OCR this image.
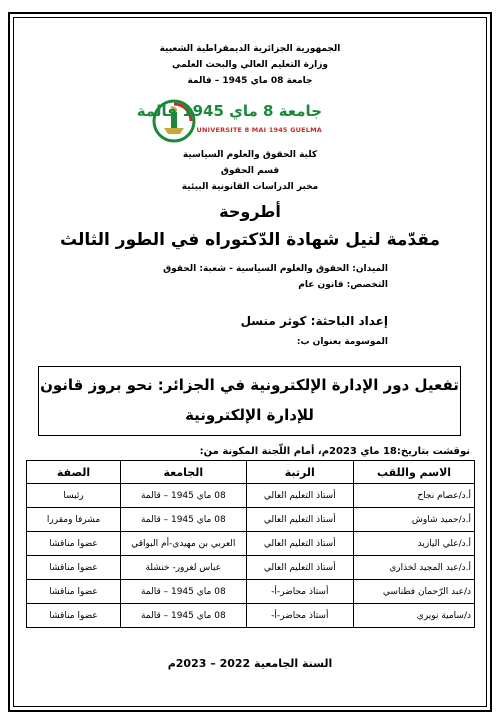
الجمهورية الجزائرية الديمقراطية الشعبية
وزارة التعليم العالي والبحث العلمي
جامعة 08 ماي 1945 – قالمة
جامعة 8 ماي 1945 قالمة
UNIVERSITE 8 MAI 1945 GUELMA
كلية الحقوق والعلوم السياسية
قسم الحقوق
مخبر الدراسات القانونية البيئية
أطروحة
مقدّمة لنيل شهادة الدّكتوراه في الطور الثالث
الميدان: الحقوق والعلوم السياسية - شعبة: الحقوق
التخصص: قانون عام
إعداد الباحثة: كوثر منسل
الموسومة بعنوان ب:
تفعيل دور الإدارة الإلكترونية في الجزائر: نحو بروز قانون للإدارة الإلكترونية
نوقشت بتاريخ:18 ماي 2023م، أمام اللّجنة المكونة من:
الاسم واللقب	الرتبة	الجامعة	الصفة
أ.د/عصام نجاح	أستاذ التعليم العالي	08 ماي 1945 – قالمة	رئيسا
أ.د/حميد شاوش	أستاذ التعليم العالي	08 ماي 1945 – قالمة	مشرفا ومقررا
أ.د/علي اليازيد	أستاذ التعليم العالي	العربي بن مهيدي-أم البواقي	عضوا مناقشا
أ.د/عبد المجيد لخذاري	أستاذ التعليم العالي	عباس لغرور- خنشلة	عضوا مناقشا
د/عبد الرّحمان فطناسي	أستاذ محاضر-أ-	08 ماي 1945 – قالمة	عضوا مناقشا
د/سامية نويري	أستاذ محاضر-أ-	08 ماي 1945 – قالمة	عضوا مناقشا
السنة الجامعية 2022 – 2023م
